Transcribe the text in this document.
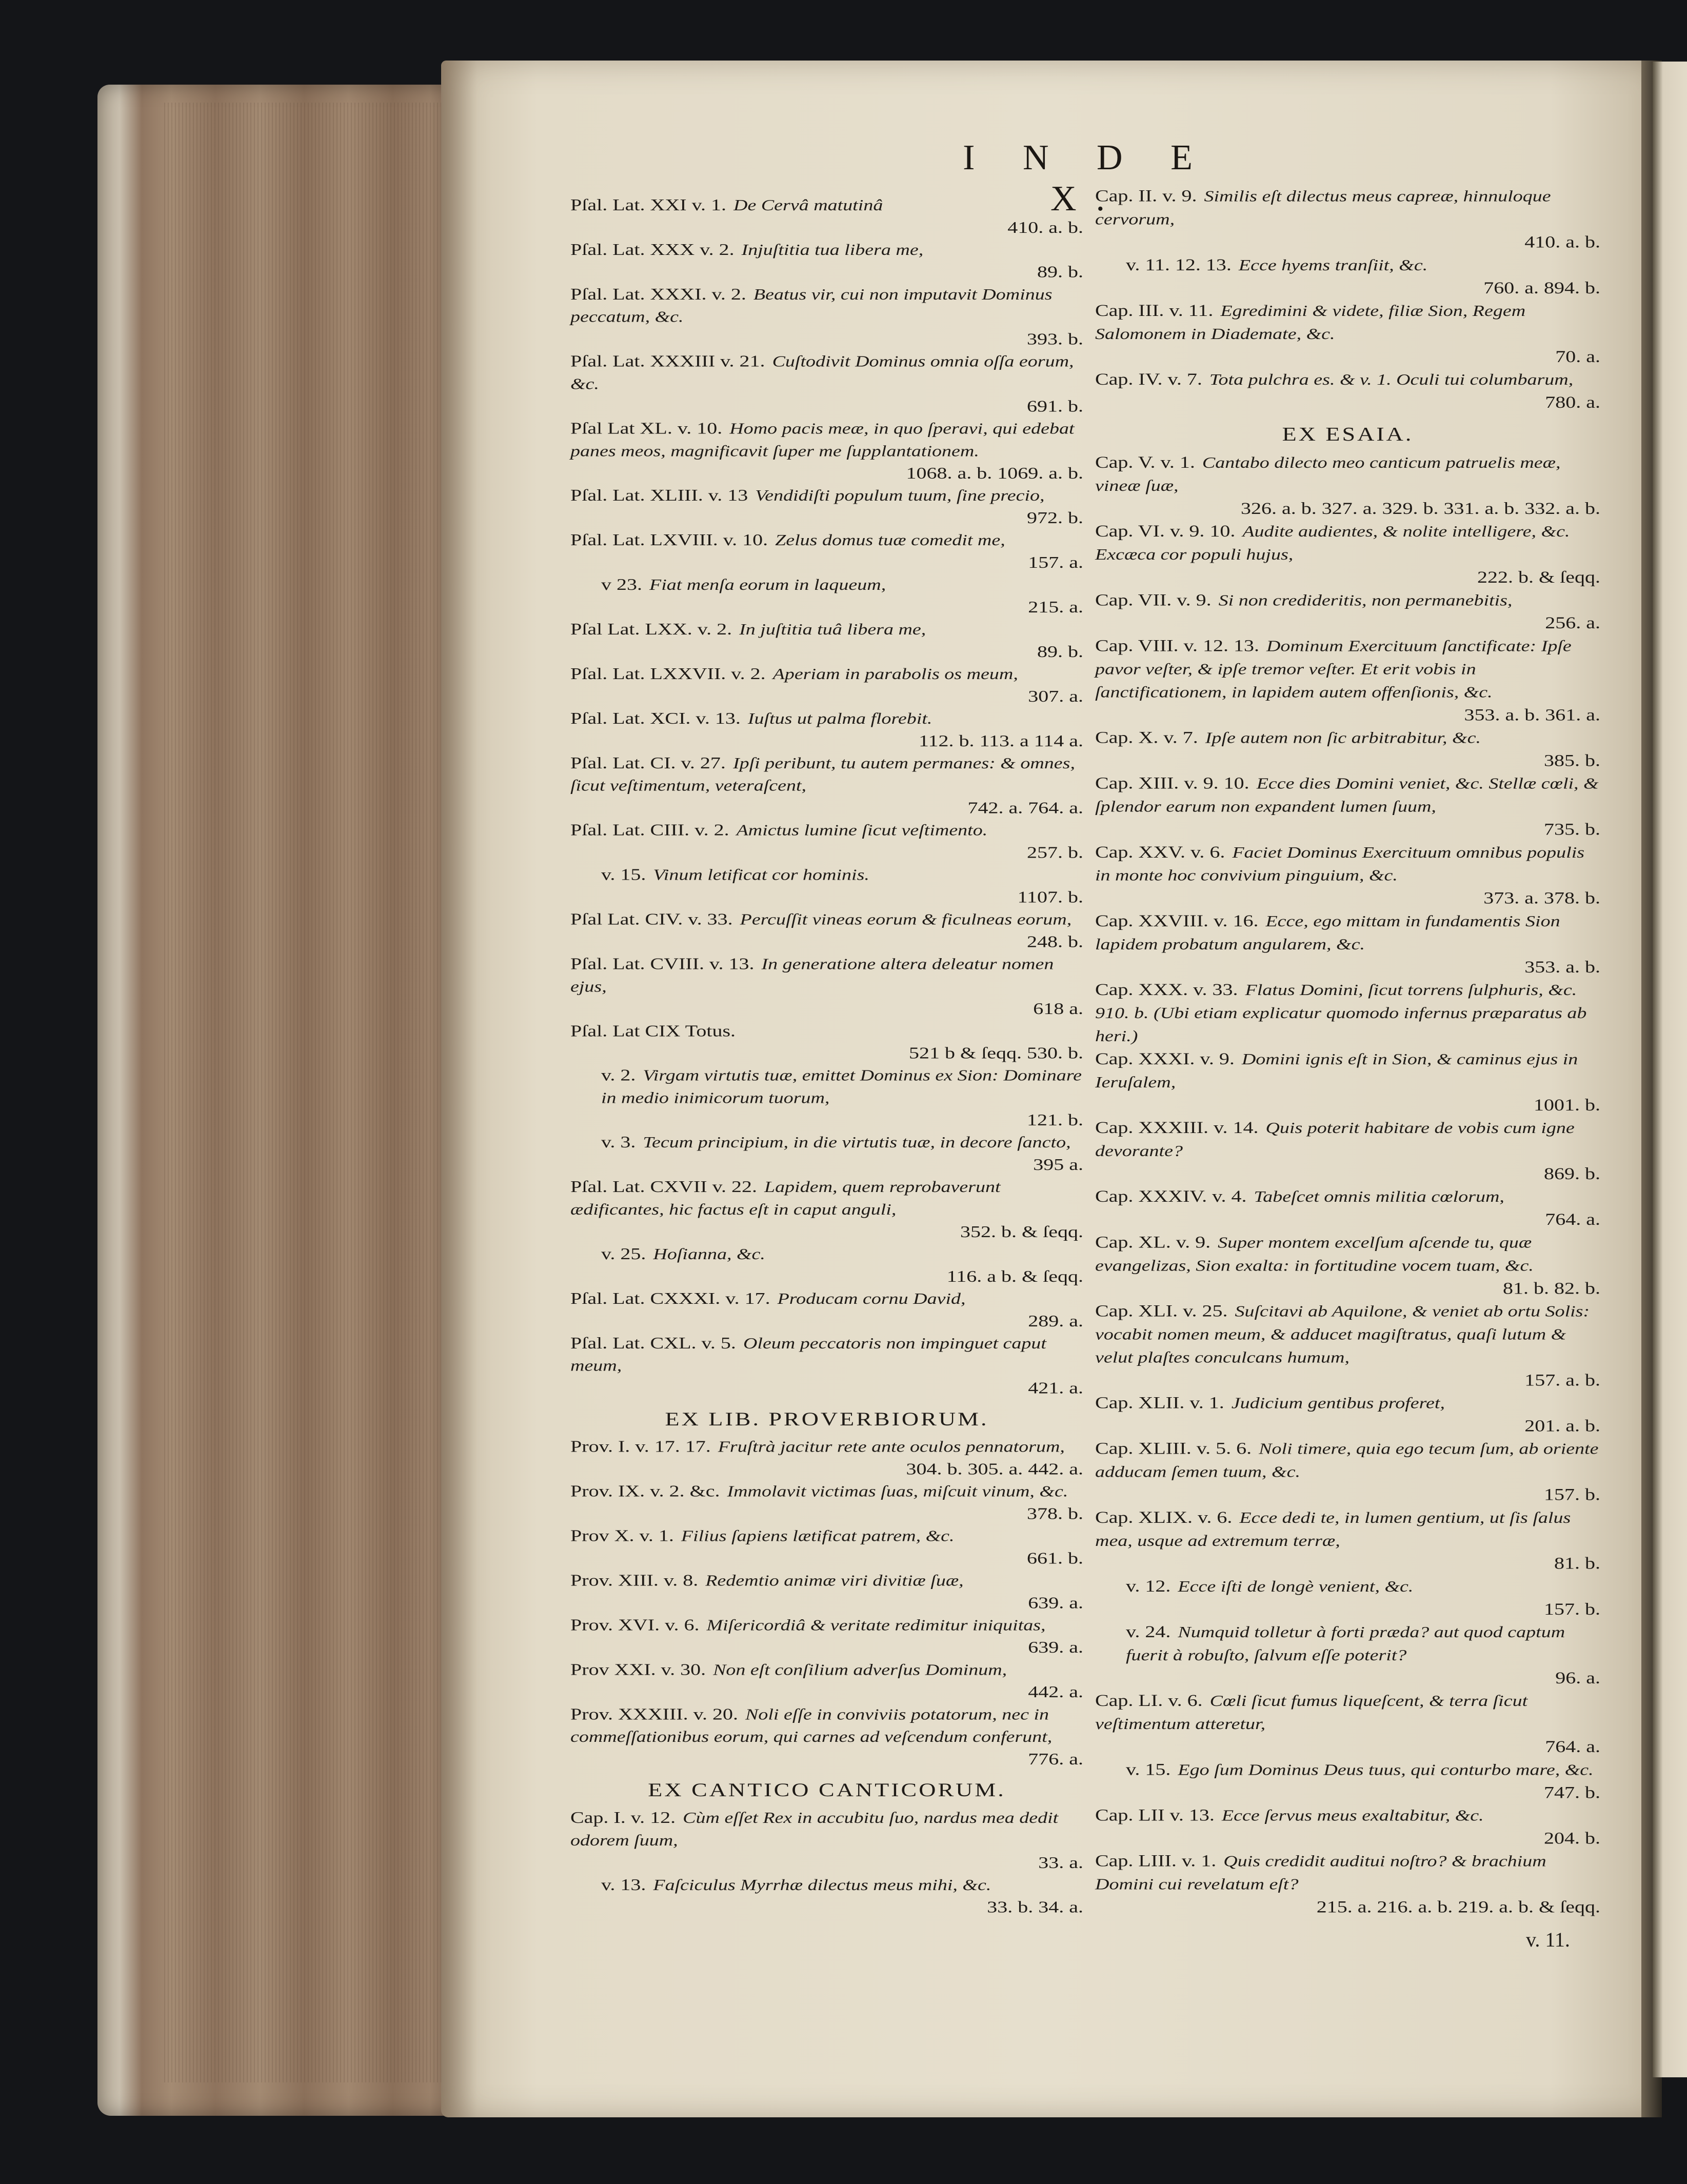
I N D E X.
Pſal. Lat. XXI v. 1. De Cervâ matutinâ
410. a. b.
Pſal. Lat. XXX v. 2. Injuſtitia tua libera me,
89. b.
Pſal. Lat. XXXI. v. 2. Beatus vir, cui non imputavit Dominus peccatum, &c.
393. b.
Pſal. Lat. XXXIII v. 21. Cuſtodivit Dominus omnia oſſa eorum, &c.
691. b.
Pſal Lat XL. v. 10. Homo pacis meæ, in quo ſperavi, qui edebat panes meos, magnificavit ſuper me ſupplantationem.
1068. a. b. 1069. a. b.
Pſal. Lat. XLIII. v. 13 Vendidiſti populum tuum, ſine precio,
972. b.
Pſal. Lat. LXVIII. v. 10. Zelus domus tuæ comedit me,
157. a.
v 23. Fiat menſa eorum in laqueum,
215. a.
Pſal Lat. LXX. v. 2. In juſtitia tuâ libera me,
89. b.
Pſal. Lat. LXXVII. v. 2. Aperiam in parabolis os meum,
307. a.
Pſal. Lat. XCI. v. 13. Iuſtus ut palma florebit.
112. b. 113. a 114 a.
Pſal. Lat. CI. v. 27. Ipſi peribunt, tu autem permanes: & omnes, ſicut veſtimentum, veteraſcent,
742. a. 764. a.
Pſal. Lat. CIII. v. 2. Amictus lumine ſicut veſtimento.
257. b.
v. 15. Vinum letificat cor hominis.
1107. b.
Pſal Lat. CIV. v. 33. Percuſſit vineas eorum & ficulneas eorum,
248. b.
Pſal. Lat. CVIII. v. 13. In generatione altera deleatur nomen ejus,
618 a.
Pſal. Lat CIX Totus.
521 b & ſeqq. 530. b.
v. 2. Virgam virtutis tuæ, emittet Dominus ex Sion: Dominare in medio inimicorum tuorum,
121. b.
v. 3. Tecum principium, in die virtutis tuæ, in decore ſancto,
395 a.
Pſal. Lat. CXVII v. 22. Lapidem, quem reprobaverunt ædificantes, hic factus eſt in caput anguli,
352. b. & ſeqq.
v. 25. Hoſianna, &c.
116. a b. & ſeqq.
Pſal. Lat. CXXXI. v. 17. Producam cornu David,
289. a.
Pſal. Lat. CXL. v. 5. Oleum peccatoris non impinguet caput meum,
421. a.
EX LIB. PROVERBIORUM.
Prov. I. v. 17. 17. Fruſtrà jacitur rete ante oculos pennatorum,
304. b. 305. a. 442. a.
Prov. IX. v. 2. &c. Immolavit victimas ſuas, miſcuit vinum, &c.
378. b.
Prov X. v. 1. Filius ſapiens lætificat patrem, &c.
661. b.
Prov. XIII. v. 8. Redemtio animæ viri divitiæ ſuæ,
639. a.
Prov. XVI. v. 6. Miſericordiâ & veritate redimitur iniquitas,
639. a.
Prov XXI. v. 30. Non eſt conſilium adverſus Dominum,
442. a.
Prov. XXXIII. v. 20. Noli eſſe in conviviis potatorum, nec in commeſſationibus eorum, qui carnes ad veſcendum conferunt,
776. a.
EX CANTICO CANTICORUM.
Cap. I. v. 12. Cùm eſſet Rex in accubitu ſuo, nardus mea dedit odorem ſuum,
33. a.
v. 13. Faſciculus Myrrhæ dilectus meus mihi, &c.
33. b. 34. a.
Cap. II. v. 9. Similis eſt dilectus meus capreæ, hinnuloque cervorum,
410. a. b.
v. 11. 12. 13. Ecce hyems tranſiit, &c.
760. a. 894. b.
Cap. III. v. 11. Egredimini & videte, filiæ Sion, Regem Salomonem in Diademate, &c.
70. a.
Cap. IV. v. 7. Tota pulchra es. & v. 1. Oculi tui columbarum,
780. a.
EX ESAIA.
Cap. V. v. 1. Cantabo dilecto meo canticum patruelis meæ, vineæ ſuæ,
326. a. b. 327. a. 329. b. 331. a. b. 332. a. b.
Cap. VI. v. 9. 10. Audite audientes, & nolite intelligere, &c. Excæca cor populi hujus,
222. b. & ſeqq.
Cap. VII. v. 9. Si non credideritis, non permanebitis,
256. a.
Cap. VIII. v. 12. 13. Dominum Exercituum ſanctificate: Ipſe pavor veſter, & ipſe tremor veſter. Et erit vobis in ſanctificationem, in lapidem autem offenſionis, &c.
353. a. b. 361. a.
Cap. X. v. 7. Ipſe autem non ſic arbitrabitur, &c.
385. b.
Cap. XIII. v. 9. 10. Ecce dies Domini veniet, &c. Stellæ cœli, & ſplendor earum non expandent lumen ſuum,
735. b.
Cap. XXV. v. 6. Faciet Dominus Exercituum omnibus populis in monte hoc convivium pinguium, &c.
373. a. 378. b.
Cap. XXVIII. v. 16. Ecce, ego mittam in fundamentis Sion lapidem probatum angularem, &c.
353. a. b.
Cap. XXX. v. 33. Flatus Domini, ſicut torrens ſulphuris, &c. 910. b. (Ubi etiam explicatur quomodo infernus præparatus ab heri.)
Cap. XXXI. v. 9. Domini ignis eſt in Sion, & caminus ejus in Ieruſalem,
1001. b.
Cap. XXXIII. v. 14. Quis poterit habitare de vobis cum igne devorante?
869. b.
Cap. XXXIV. v. 4. Tabeſcet omnis militia cœlorum,
764. a.
Cap. XL. v. 9. Super montem excelſum aſcende tu, quæ evangelizas, Sion exalta: in fortitudine vocem tuam, &c.
81. b. 82. b.
Cap. XLI. v. 25. Suſcitavi ab Aquilone, & veniet ab ortu Solis: vocabit nomen meum, & adducet magiſtratus, quaſi lutum & velut plaſtes conculcans humum,
157. a. b.
Cap. XLII. v. 1. Judicium gentibus proferet,
201. a. b.
Cap. XLIII. v. 5. 6. Noli timere, quia ego tecum ſum, ab oriente adducam ſemen tuum, &c.
157. b.
Cap. XLIX. v. 6. Ecce dedi te, in lumen gentium, ut ſis ſalus mea, usque ad extremum terræ,
81. b.
v. 12. Ecce iſti de longè venient, &c.
157. b.
v. 24. Numquid tolletur à forti præda? aut quod captum fuerit à robuſto, ſalvum eſſe poterit?
96. a.
Cap. LI. v. 6. Cœli ſicut fumus liqueſcent, & terra ſicut veſtimentum atteretur,
764. a.
v. 15. Ego ſum Dominus Deus tuus, qui conturbo mare, &c.
747. b.
Cap. LII v. 13. Ecce ſervus meus exaltabitur, &c.
204. b.
Cap. LIII. v. 1. Quis credidit auditui noſtro? & brachium Domini cui revelatum eſt?
215. a. 216. a. b. 219. a. b. & ſeqq.
v. 11.
